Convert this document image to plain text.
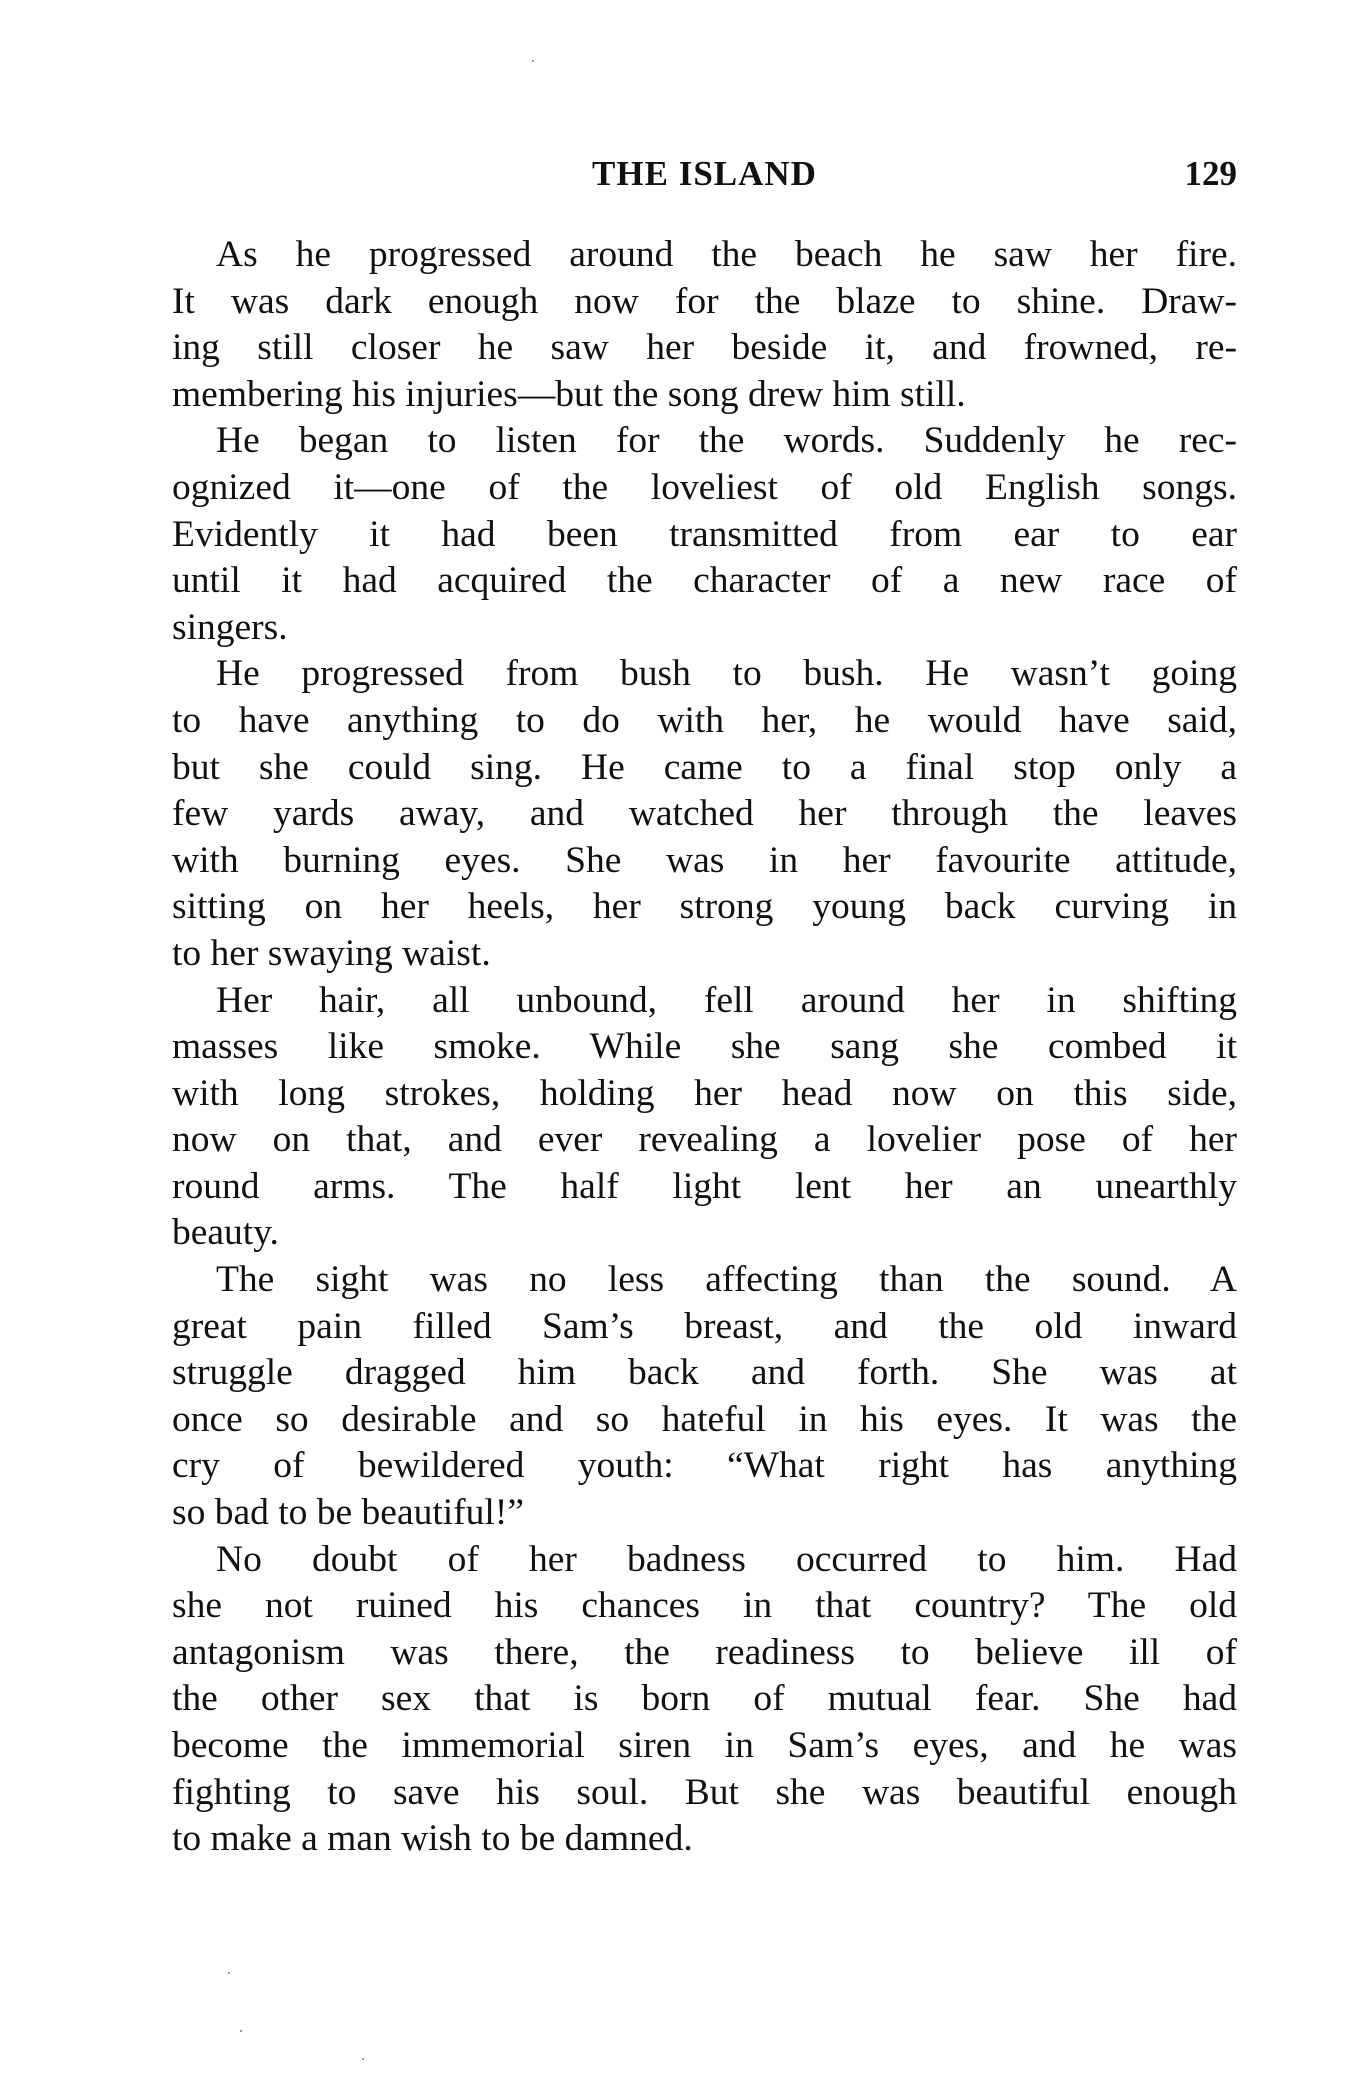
THE ISLAND	129

As he progressed around the beach he saw her fire.
It was dark enough now for the blaze to shine. Draw-
ing still closer he saw her beside it, and frowned, re-
membering his injuries—but the song drew him still.

He began to listen for the words. Suddenly he rec-
ognized it—one of the loveliest of old English songs.
Evidently it had been transmitted from ear to ear
until it had acquired the character of a new race of
singers.

He progressed from bush to bush. He wasn’t going
to have anything to do with her, he would have said,
but she could sing. He came to a final stop only a
few yards away, and watched her through the leaves
with burning eyes. She was in her favourite attitude,
sitting on her heels, her strong young back curving in
to her swaying waist.

Her hair, all unbound, fell around her in shifting
masses like smoke. While she sang she combed it
with long strokes, holding her head now on this side,
now on that, and ever revealing a lovelier pose of her
round arms. The half light lent her an unearthly
beauty.

The sight was no less affecting than the sound. A
great pain filled Sam’s breast, and the old inward
struggle dragged him back and forth. She was at
once so desirable and so hateful in his eyes. It was the
cry of bewildered youth: “What right has anything
so bad to be beautiful!”

No doubt of her badness occurred to him. Had
she not ruined his chances in that country? The old
antagonism was there, the readiness to believe ill of
the other sex that is born of mutual fear. She had
become the immemorial siren in Sam’s eyes, and he was
fighting to save his soul. But she was beautiful enough
to make a man wish to be damned.
